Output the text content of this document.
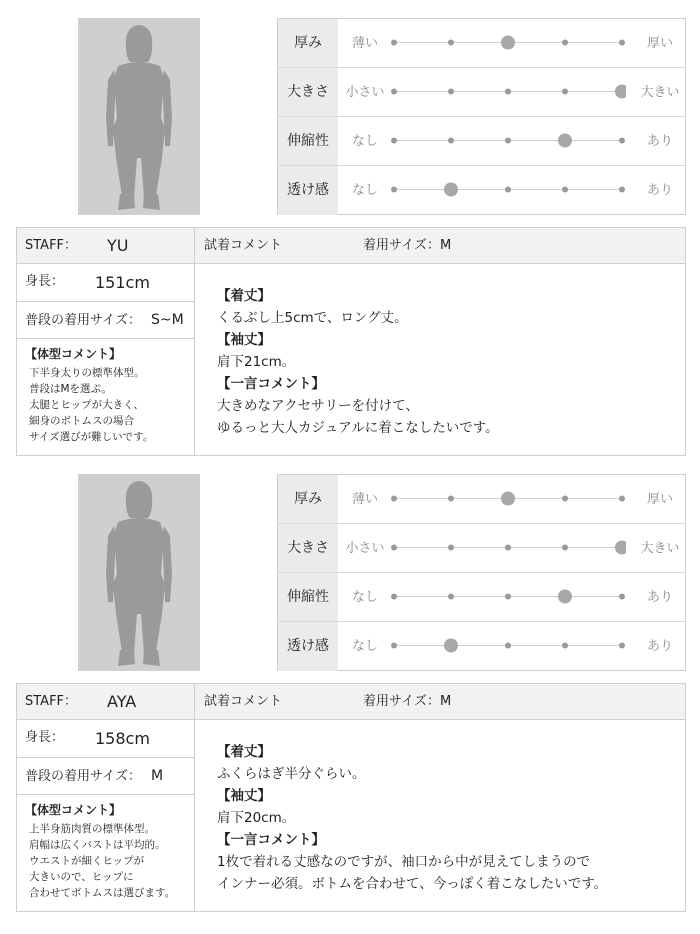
厚み	薄い	厚い
大きさ	小さい	大きい
伸縮性	なし	あり
透け感	なし	あり
STAFF： YU
身長： 151cm
普段の着用サイズ： S~M
【体型コメント】
下半身太りの標準体型。
普段はMを選ぶ。
太腿とヒップが大きく、
細身のボトムスの場合
サイズ選びが難しいです。
試着コメント	着用サイズ：M
【着丈】
くるぶし上5cmで、ロング丈。
【袖丈】
肩下21cm。
【一言コメント】
大きめなアクセサリーを付けて、
ゆるっと大人カジュアルに着こなしたいです。
厚み	薄い	厚い
大きさ	小さい	大きい
伸縮性	なし	あり
透け感	なし	あり
STAFF： AYA
身長： 158cm
普段の着用サイズ： M
【体型コメント】
上半身筋肉質の標準体型。
肩幅は広くバストは平均的。
ウエストが細くヒップが
大きいので、ヒップに
合わせてボトムスは選びます。
試着コメント	着用サイズ：M
【着丈】
ふくらはぎ半分ぐらい。
【袖丈】
肩下20cm。
【一言コメント】
1枚で着れる丈感なのですが、袖口から中が見えてしまうので
インナー必須。ボトムを合わせて、今っぽく着こなしたいです。
